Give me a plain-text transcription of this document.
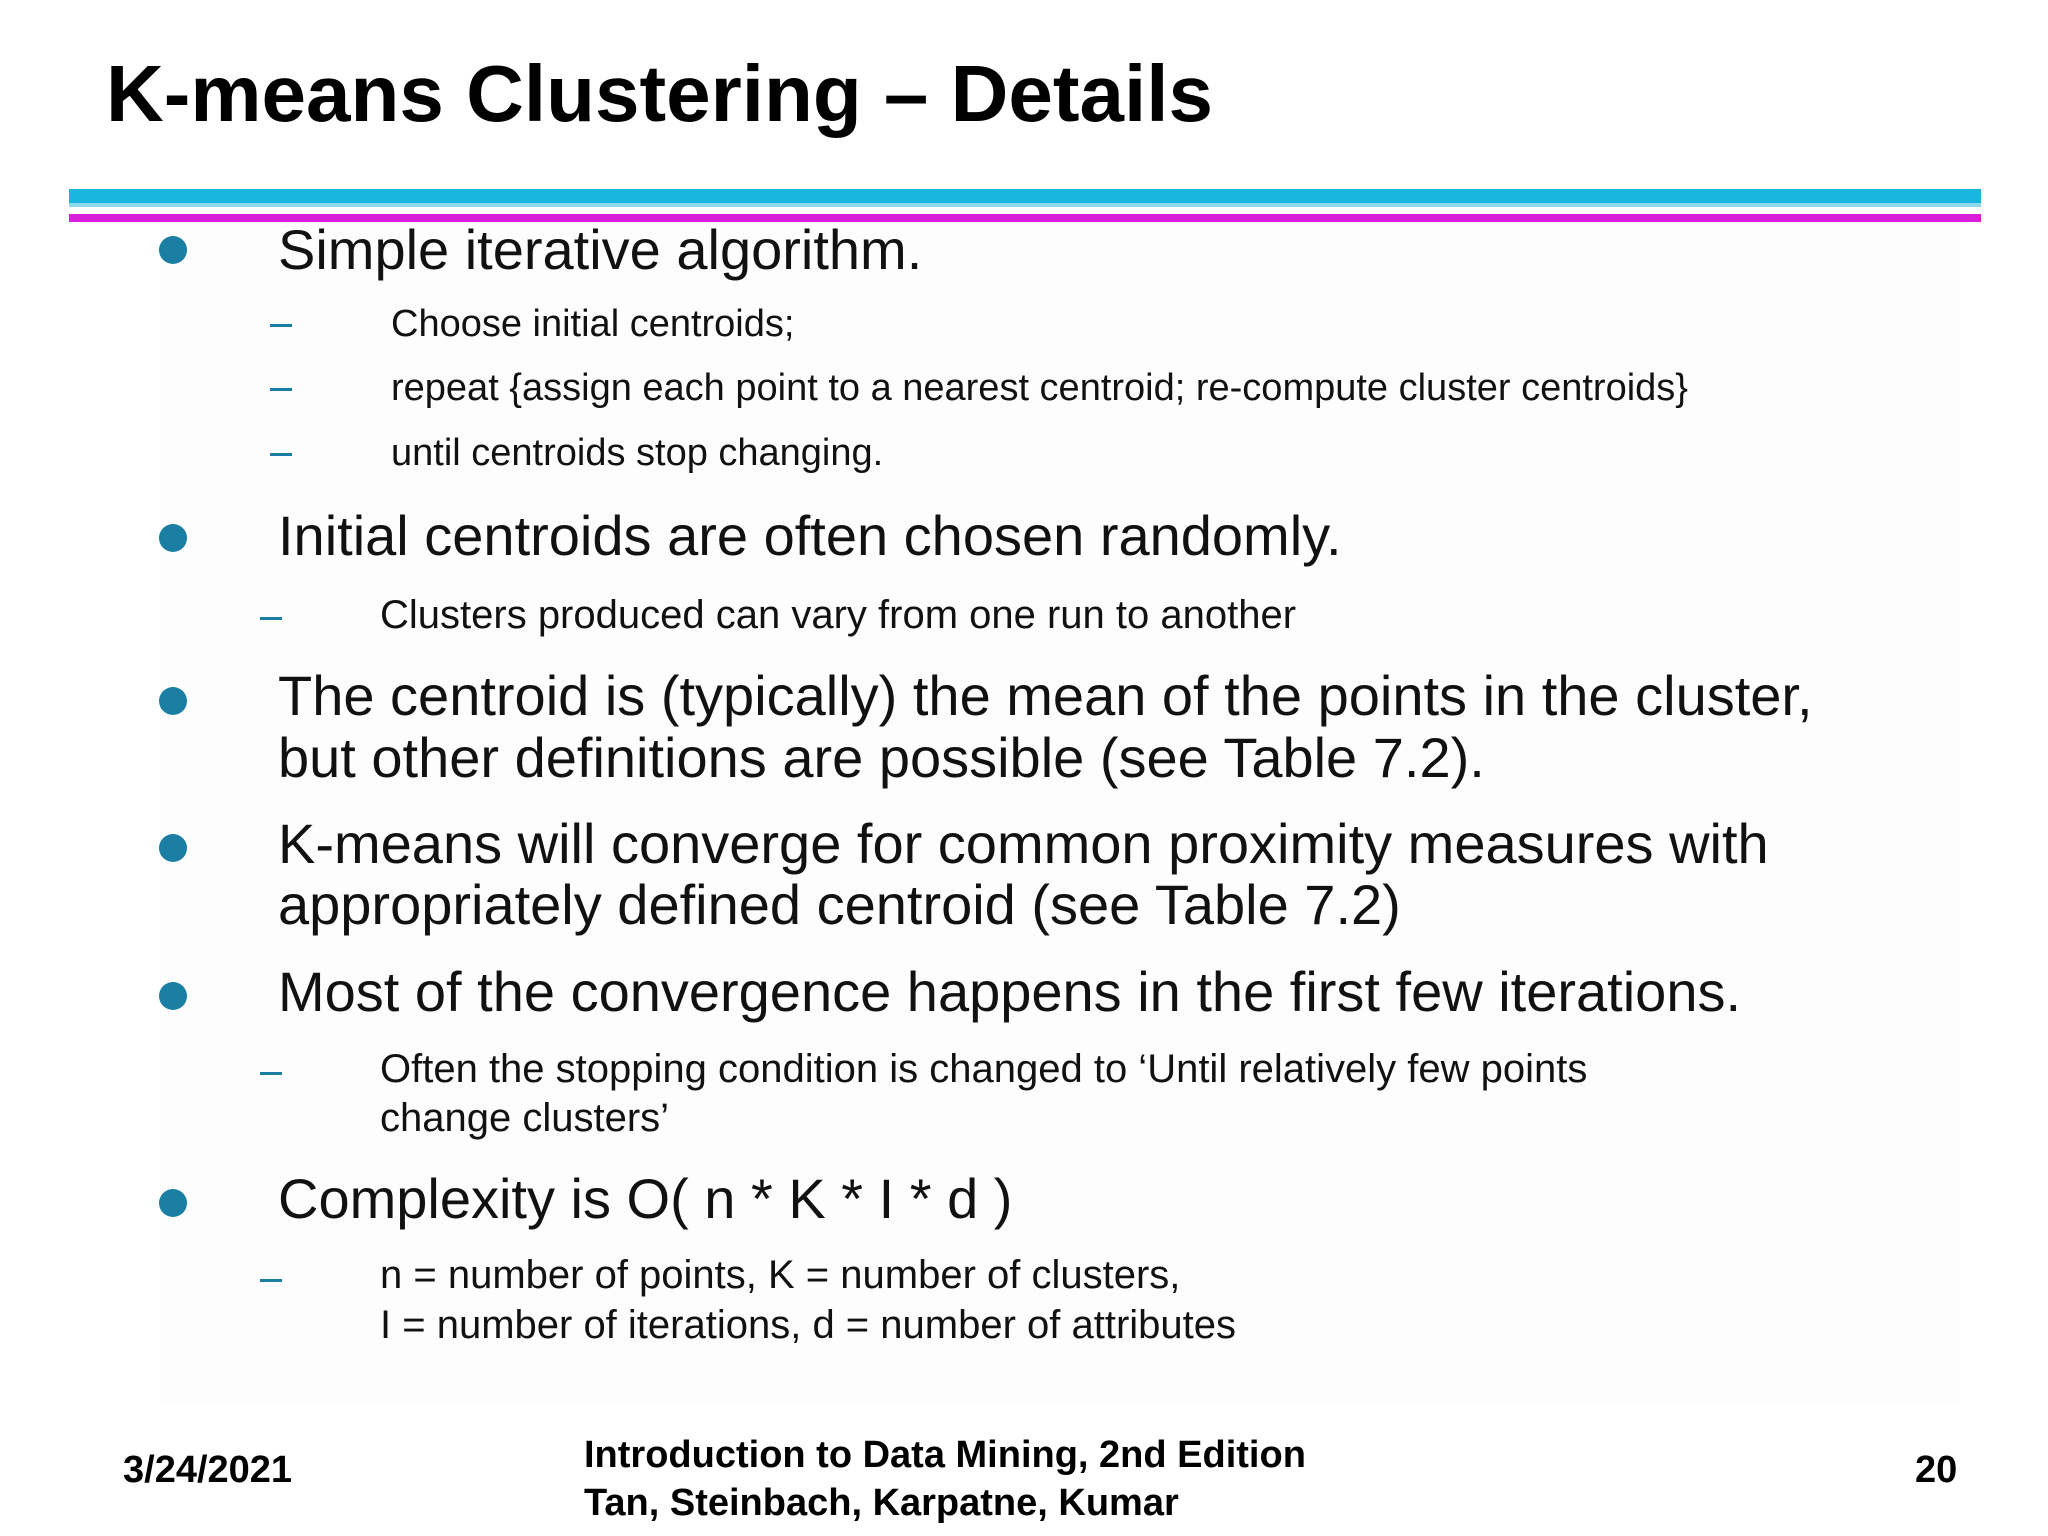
K-means Clustering – Details
Simple iterative algorithm.
Choose initial centroids;
repeat {assign each point to a nearest centroid; re-compute cluster centroids}
until centroids stop changing.
Initial centroids are often chosen randomly.
Clusters produced can vary from one run to another
The centroid is (typically) the mean of the points in the cluster,
but other definitions are possible (see Table 7.2).
K-means will converge for common proximity measures with
appropriately defined centroid (see Table 7.2)
Most of the convergence happens in the first few iterations.
Often the stopping condition is changed to ‘Until relatively few points
change clusters’
Complexity is O( n * K * I * d )
n = number of points, K = number of clusters,
I = number of iterations, d = number of attributes
3/24/2021	Introduction to Data Mining, 2nd Edition
Tan, Steinbach, Karpatne, Kumar
20
